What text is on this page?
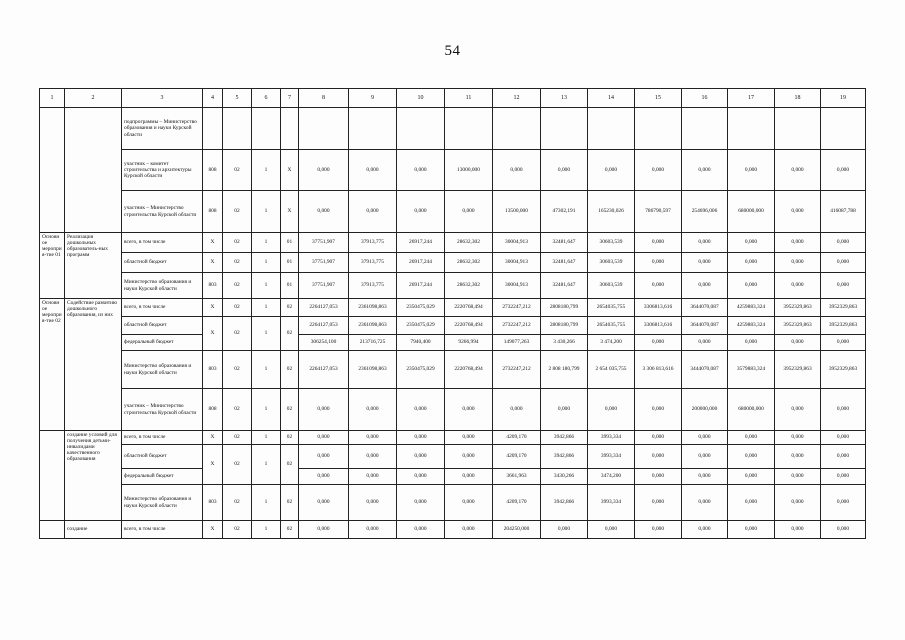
54
1	2	3	4	5	6	7	8	9	10	11	12	13	14	15	16	17	18	19
		подпрограммы – Министерство образования и науки Курской области																
		участник – комитет строительства и архитектуры Курской области	808	02	1	Х	0,000	0,000	0,000	13000,000	0,000	0,000	0,000	0,000	0,000	0,000	0,000	0,000
		участник – Министерство строительства Курской области	808	02	1	Х	0,000	0,000	0,000	0,000	13500,000	47302,191	165230,026	786790,597	254696,006	680000,000	0,000	416087,788
Основное мероприя-тие 01	Реализация дошкольных образователь-ных программ	всего, в том числе	Х	02	1	01	37751,907	37913,775	26917,244	28632,302	30004,913	32481,647	30603,539	0,000	0,000	0,000	0,000	0,000
		областной бюджет	Х	02	1	01	37751,907	37913,775	26917,244	28632,302	30004,913	32481,647	30603,539	0,000	0,000	0,000	0,000	0,000
		Министерство образования и науки Курской области	803	02	1	01	37751,907	37913,775	26917,244	28632,302	30004,913	32481,647	30603,539	0,000	0,000	0,000	0,000	0,000
Основное мероприя-тие 02	Содействие развитию дошкольного образования, из них	всего, в том числе	Х	02	1	02	2264127,053	2361098,863	2350475,029	2220768,494	2732247,212	2808180,799	2654035,755	3306813,616	3644070,087	4259883,324	3952329,863	3952329,863
		областной бюджет	Х	02	1	02	2264127,053	2361098,863	2350475,029	2220768,494	2732247,212	2808180,799	2654035,755	3306813,616	3644070,087	4259883,324	3952329,863	3952329,863
		федеральный бюджет					306254,100	213716,725	7940,400	9266,994	149077,263	3 430,266	3 474,200	0,000	0,000	0,000	0,000	0,000
		Министерство образования и науки Курской области	803	02	1	02	2264127,053	2361098,863	2350475,029	2220768,494	2732247,212	2 808 180,799	2 654 035,755	3 306 813,616	3444070,087	3579883,324	3952329,863	3952329,863
		участник – Министерство строительства Курской области	808	02	1	02	0,000	0,000	0,000	0,000	0,000	0,000	0,000	0,000	200000,000	680000,000	0,000	0,000
	создание условий для получения детьми-инвалидами качественного образования	всего, в том числе	Х	02	1	02	0,000	0,000	0,000	0,000	4209,170	3942,866	3993,334	0,000	0,000	0,000	0,000	0,000
		областной бюджет	Х	02	1	02	0,000	0,000	0,000	0,000	4209,170	3942,866	3993,334	0,000	0,000	0,000	0,000	0,000
		федеральный бюджет					0,000	0,000	0,000	0,000	3661,963	3430,266	3474,200	0,000	0,000	0,000	0,000	0,000
		Министерство образования и науки Курской области	803	02	1	02	0,000	0,000	0,000	0,000	4209,170	3942,866	3993,334	0,000	0,000	0,000	0,000	0,000
	создание	всего, в том числе	Х	02	1	02	0,000	0,000	0,000	0,000	204250,000	0,000	0,000	0,000	0,000	0,000	0,000	0,000
